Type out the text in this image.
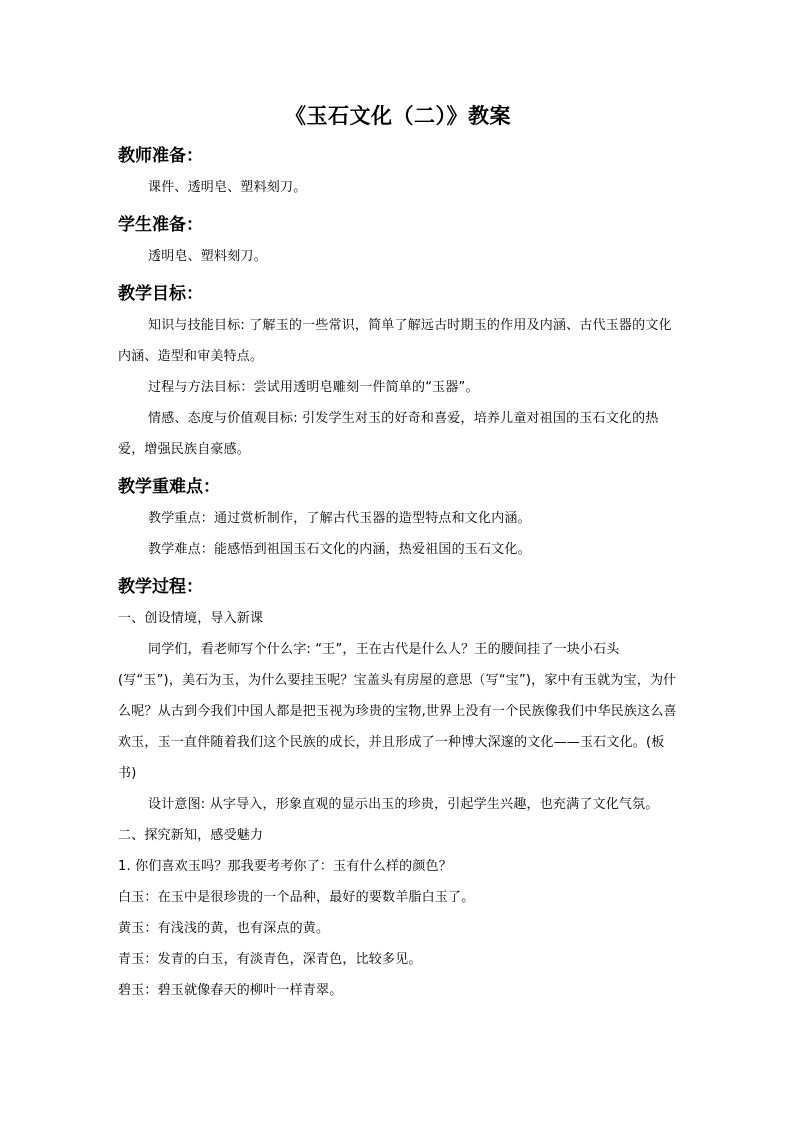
《玉石文化（二）》教案
教师准备：

课件、透明皂、塑料刻刀。

学生准备：

透明皂、塑料刻刀。

教学目标：

知识与技能目标: 了解玉的一些常识，简单了解远古时期玉的作用及内涵、古代玉器的文化内涵、造型和审美特点。

过程与方法目标：尝试用透明皂雕刻一件简单的“玉器”。

情感、态度与价值观目标: 引发学生对玉的好奇和喜爱，培养儿童对祖国的玉石文化的热爱，增强民族自豪感。

教学重难点：

教学重点：通过赏析制作，了解古代玉器的造型特点和文化内涵。

教学难点：能感悟到祖国玉石文化的内涵，热爱祖国的玉石文化。

教学过程：

一、创设情境，导入新课

同学们，看老师写个什么字: “王”，王在古代是什么人？王的腰间挂了一块小石头(写“玉”)，美石为玉，为什么要挂玉呢？宝盖头有房屋的意思（写“宝”)，家中有玉就为宝，为什么呢？从古到今我们中国人都是把玉视为珍贵的宝物,世界上没有一个民族像我们中华民族这么喜欢玉，玉一直伴随着我们这个民族的成长，并且形成了一种博大深邃的文化——玉石文化。(板书)

设计意图: 从字导入，形象直观的显示出玉的珍贵，引起学生兴趣，也充满了文化气氛。

二、探究新知，感受魅力

1. 你们喜欢玉吗？那我要考考你了：玉有什么样的颜色？

白玉：在玉中是很珍贵的一个品种，最好的要数羊脂白玉了。

黄玉：有浅浅的黄，也有深点的黄。

青玉：发青的白玉，有淡青色，深青色，比较多见。

碧玉：碧玉就像春天的柳叶一样青翠。
